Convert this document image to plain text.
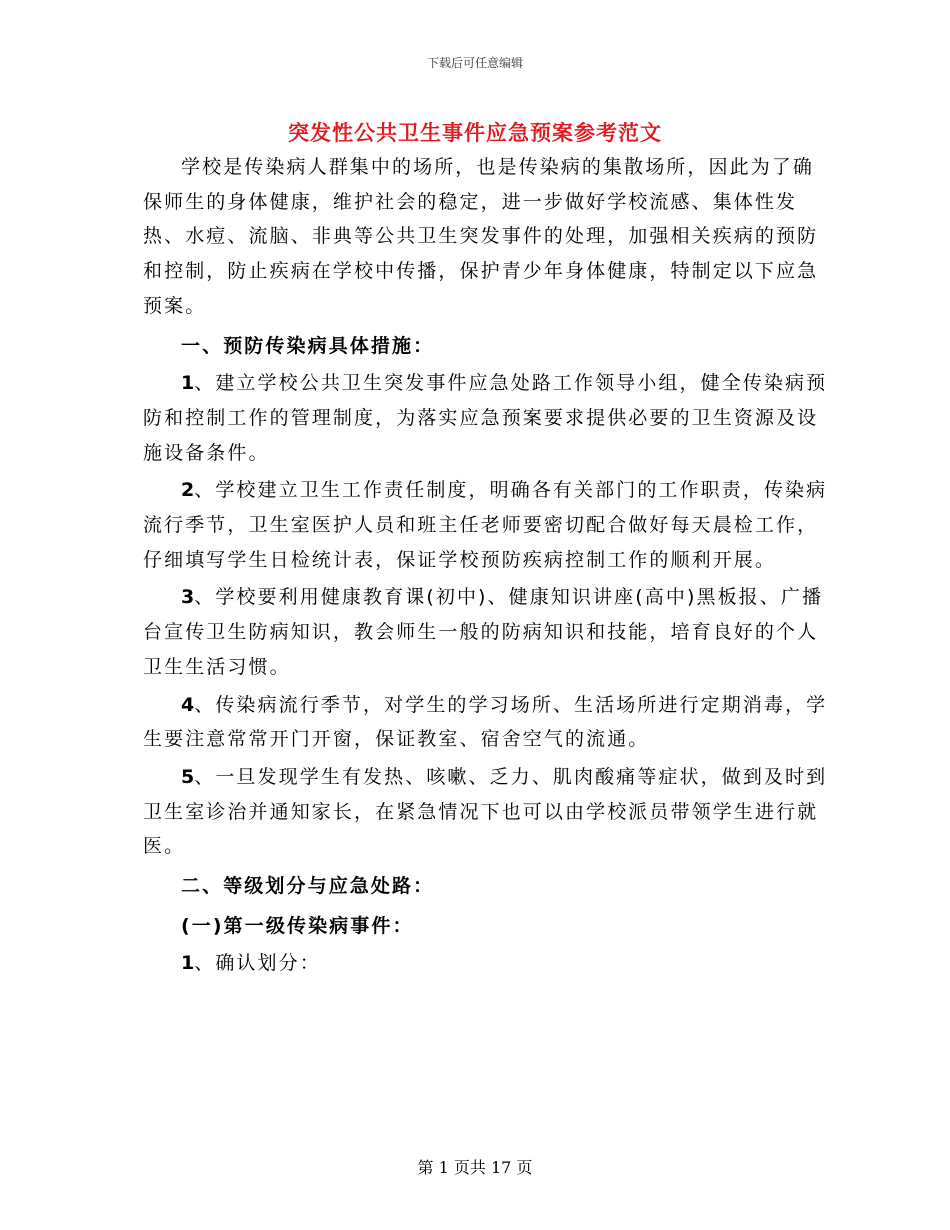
下载后可任意编辑
突发性公共卫生事件应急预案参考范文

学校是传染病人群集中的场所，也是传染病的集散场所，因此为了确保师生的身体健康，维护社会的稳定，进一步做好学校流感、集体性发热、水痘、流脑、非典等公共卫生突发事件的处理，加强相关疾病的预防和控制，防止疾病在学校中传播，保护青少年身体健康，特制定以下应急预案。

一、预防传染病具体措施：

1、建立学校公共卫生突发事件应急处路工作领导小组，健全传染病预防和控制工作的管理制度，为落实应急预案要求提供必要的卫生资源及设施设备条件。

2、学校建立卫生工作责任制度，明确各有关部门的工作职责，传染病流行季节，卫生室医护人员和班主任老师要密切配合做好每天晨检工作，仔细填写学生日检统计表，保证学校预防疾病控制工作的顺利开展。

3、学校要利用健康教育课(初中)、健康知识讲座(高中)黑板报、广播台宣传卫生防病知识，教会师生一般的防病知识和技能，培育良好的个人卫生生活习惯。

4、传染病流行季节，对学生的学习场所、生活场所进行定期消毒，学生要注意常常开门开窗，保证教室、宿舍空气的流通。

5、一旦发现学生有发热、咳嗽、乏力、肌肉酸痛等症状，做到及时到卫生室诊治并通知家长，在紧急情况下也可以由学校派员带领学生进行就医。

二、等级划分与应急处路：

(一)第一级传染病事件：

1、确认划分：

第 1 页共 17 页
